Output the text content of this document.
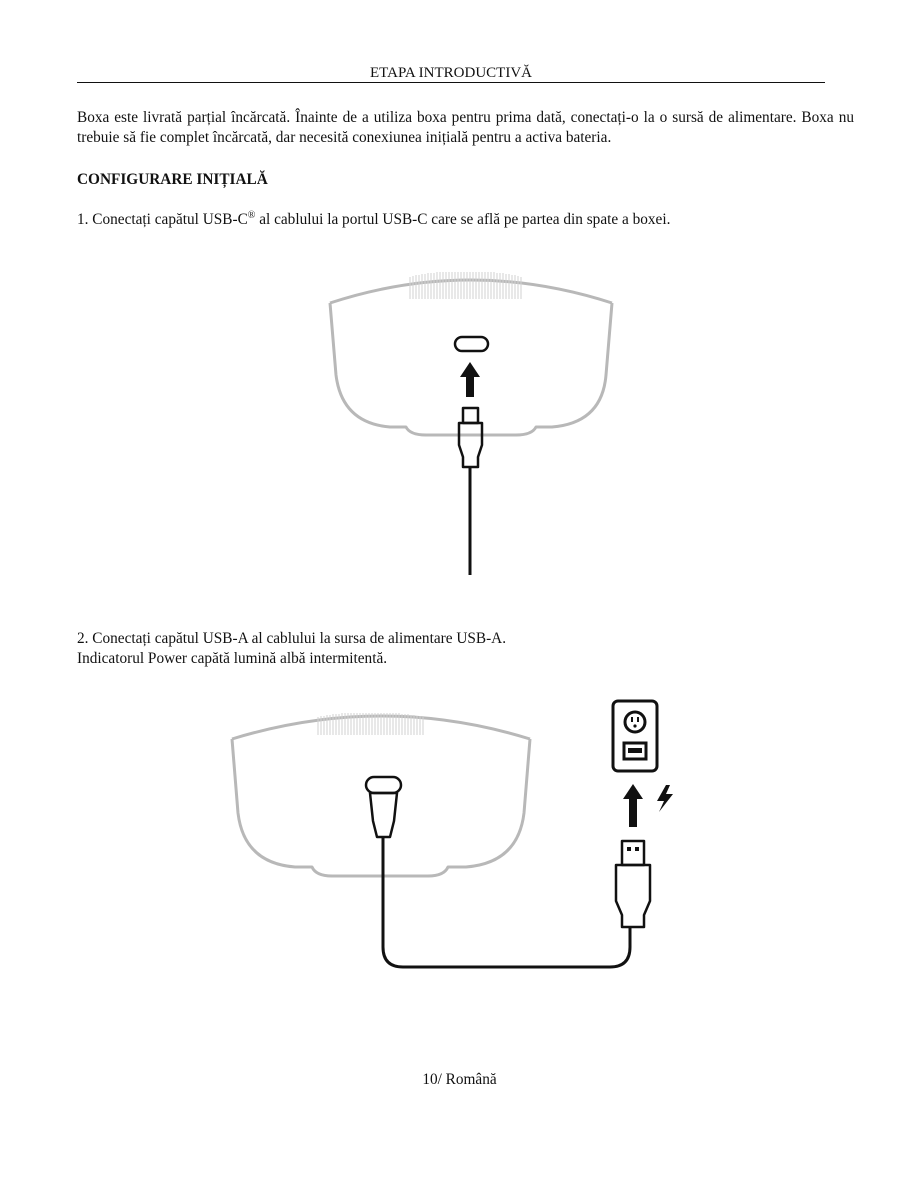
ETAPA INTRODUCTIVĂ

Boxa este livrată parțial încărcată. Înainte de a utiliza boxa pentru prima dată, conectați-o la o sursă de alimentare. Boxa nu trebuie să fie complet încărcată, dar necesită conexiunea inițială pentru a activa bateria.

CONFIGURARE INIȚIALĂ

1. Conectați capătul USB-C® al cablului la portul USB-C care se află pe partea din spate a boxei.

2. Conectați capătul USB-A al cablului la sursa de alimentare USB-A.
Indicatorul Power capătă lumină albă intermitentă.

10/ Română
